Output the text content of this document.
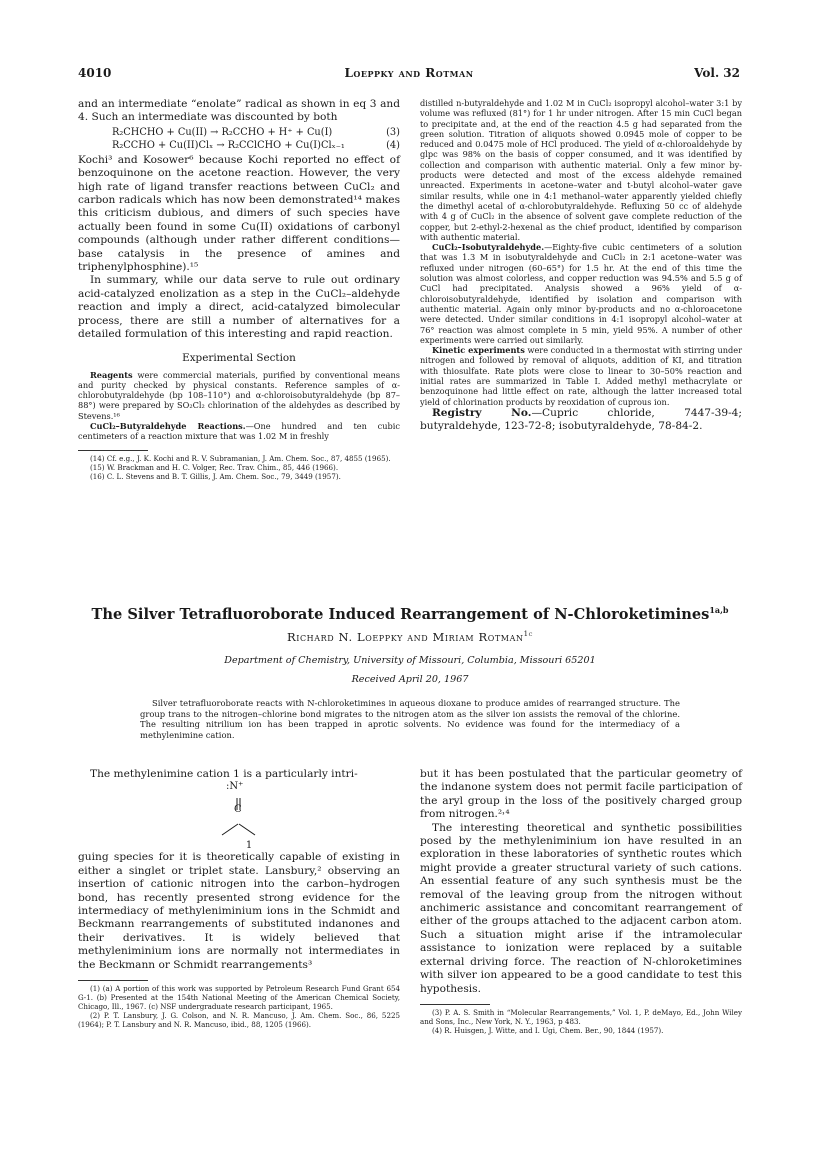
4010	Loeppky and Rotman	Vol. 32

and an intermediate “enolate” radical as shown in eq 3 and 4. Such an intermediate was discounted by both

R₂CHCHO + Cu(II) → R₂CCHO + H⁺ + Cu(I)	(3)
R₂CCHO + Cu(II)Clₓ → R₂CClCHO + Cu(I)Clₓ₋₁	(4)

Kochi³ and Kosower⁶ because Kochi reported no effect of benzoquinone on the acetone reaction. However, the very high rate of ligand transfer reactions between CuCl₂ and carbon radicals which has now been demonstrated¹⁴ makes this criticism dubious, and dimers of such species have actually been found in some Cu(II) oxidations of carbonyl compounds (although under rather different conditions—base catalysis in the presence of amines and triphenylphosphine).¹⁵

In summary, while our data serve to rule out ordinary acid-catalyzed enolization as a step in the CuCl₂–aldehyde reaction and imply a direct, acid-catalyzed bimolecular process, there are still a number of alternatives for a detailed formulation of this interesting and rapid reaction.

Experimental Section

Reagents were commercial materials, purified by conventional means and purity checked by physical constants. Reference samples of α-chlorobutyraldehyde (bp 108–110°) and α-chloroisobutyraldehyde (bp 87–88°) were prepared by SO₂Cl₂ chlorination of the aldehydes as described by Stevens.¹⁶

CuCl₂–Butyraldehyde Reactions.—One hundred and ten cubic centimeters of a reaction mixture that was 1.02 M in freshly

(14) Cf. e.g., J. K. Kochi and R. V. Subramanian, J. Am. Chem. Soc., 87, 4855 (1965).

(15) W. Brackman and H. C. Volger, Rec. Trav. Chim., 85, 446 (1966).

(16) C. L. Stevens and B. T. Gillis, J. Am. Chem. Soc., 79, 3449 (1957).

distilled n-butyraldehyde and 1.02 M in CuCl₂ isopropyl alcohol–water 3:1 by volume was refluxed (81°) for 1 hr under nitrogen. After 15 min CuCl began to precipitate and, at the end of the reaction 4.5 g had separated from the green solution. Titration of aliquots showed 0.0945 mole of copper to be reduced and 0.0475 mole of HCl produced. The yield of α-chloroaldehyde by glpc was 98% on the basis of copper consumed, and it was identified by collection and comparison with authentic material. Only a few minor by-products were detected and most of the excess aldehyde remained unreacted. Experiments in acetone–water and t-butyl alcohol–water gave similar results, while one in 4:1 methanol–water apparently yielded chiefly the dimethyl acetal of α-chlorobutyraldehyde. Refluxing 50 cc of aldehyde with 4 g of CuCl₂ in the absence of solvent gave complete reduction of the copper, but 2-ethyl-2-hexenal as the chief product, identified by comparison with authentic material.

CuCl₂–Isobutyraldehyde.—Eighty-five cubic centimeters of a solution that was 1.3 M in isobutyraldehyde and CuCl₂ in 2:1 acetone–water was refluxed under nitrogen (60–65°) for 1.5 hr. At the end of this time the solution was almost colorless, and copper reduction was 94.5% and 5.5 g of CuCl had precipitated. Analysis showed a 96% yield of α-chloroisobutyraldehyde, identified by isolation and comparison with authentic material. Again only minor by-products and no α-chloroacetone were detected. Under similar conditions in 4:1 isopropyl alcohol–water at 76° reaction was almost complete in 5 min, yield 95%. A number of other experiments were carried out similarly.

Kinetic experiments were conducted in a thermostat with stirring under nitrogen and followed by removal of aliquots, addition of KI, and titration with thiosulfate. Rate plots were close to linear to 30–50% reaction and initial rates are summarized in Table I. Added methyl methacrylate or benzoquinone had little effect on rate, although the latter increased total yield of chlorination products by reoxidation of cuprous ion.

Registry No.—Cupric chloride, 7447-39-4; butyraldehyde, 123-72-8; isobutyraldehyde, 78-84-2.

The Silver Tetrafluoroborate Induced Rearrangement of N-Chloroketimines$^{1a,b}$
Richard N. Loeppky and Miriam Rotman$^{1c}$
Department of Chemistry, University of Missouri, Columbia, Missouri 65201
Received April 20, 1967
Silver tetrafluoroborate reacts with N-chloroketimines in aqueous dioxane to produce amides of rearranged structure. The group trans to the nitrogen–chlorine bond migrates to the nitrogen atom as the silver ion assists the removal of the chlorine. The resulting nitrilium ion has been trapped in aprotic solvents. No evidence was found for the intermediacy of a methylenimine cation.

The methylenimine cation 1 is a particularly intri-

:N⁺
C
1

guing species for it is theoretically capable of existing in either a singlet or triplet state. Lansbury,² observing an insertion of cationic nitrogen into the carbon–hydrogen bond, has recently presented strong evidence for the intermediacy of methyleniminium ions in the Schmidt and Beckmann rearrangements of substituted indanones and their derivatives. It is widely believed that methyleniminium ions are normally not intermediates in the Beckmann or Schmidt rearrangements³

(1) (a) A portion of this work was supported by Petroleum Research Fund Grant 654 G-1. (b) Presented at the 154th National Meeting of the American Chemical Society, Chicago, Ill., 1967. (c) NSF undergraduate research participant, 1965.

(2) P. T. Lansbury, J. G. Colson, and N. R. Mancuso, J. Am. Chem. Soc., 86, 5225 (1964); P. T. Lansbury and N. R. Mancuso, ibid., 88, 1205 (1966).

but it has been postulated that the particular geometry of the indanone system does not permit facile participation of the aryl group in the loss of the positively charged group from nitrogen.²˒⁴

The interesting theoretical and synthetic possibilities posed by the methyleniminium ion have resulted in an exploration in these laboratories of synthetic routes which might provide a greater structural variety of such cations. An essential feature of any such synthesis must be the removal of the leaving group from the nitrogen without anchimeric assistance and concomitant rearrangement of either of the groups attached to the adjacent carbon atom. Such a situation might arise if the intramolecular assistance to ionization were replaced by a suitable external driving force. The reaction of N-chloroketimines with silver ion appeared to be a good candidate to test this hypothesis.

(3) P. A. S. Smith in “Molecular Rearrangements,” Vol. 1, P. deMayo, Ed., John Wiley and Sons, Inc., New York, N. Y., 1963, p 483.

(4) R. Huisgen, J. Witte, and I. Ugi, Chem. Ber., 90, 1844 (1957).
